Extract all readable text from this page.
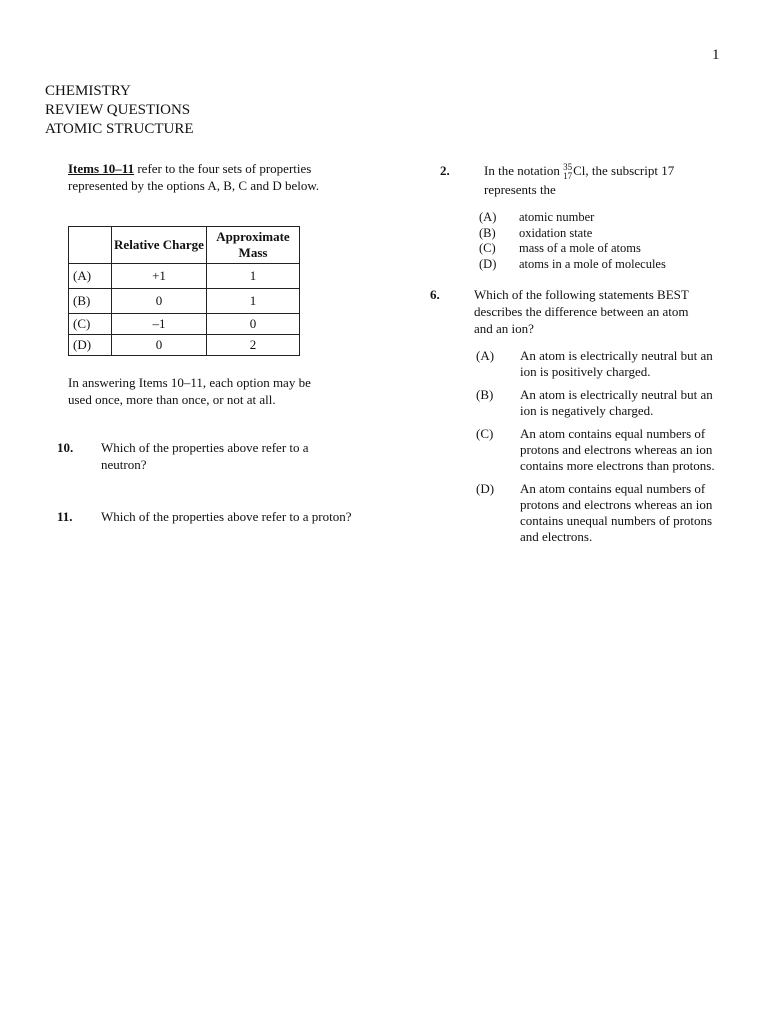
1
CHEMISTRY
REVIEW QUESTIONS
ATOMIC STRUCTURE
Items 10–11 refer to the four sets of properties represented by the options A, B, C and D below.
	Relative Charge	Approximate Mass
(A)	+1	1
(B)	0	1
(C)	–1	0
(D)	0	2
In answering Items 10–11, each option may be used once, more than once, or not at all.
10. Which of the properties above refer to a neutron?
11. Which of the properties above refer to a proton?
2.	In the notation 35
17 Cl, the subscript 17 represents the
(A)	atomic number
(B)	oxidation state
(C)	mass of a mole of atoms
(D)	atoms in a mole of molecules
6.	Which of the following statements BEST describes the difference between an atom and an ion?
(A) An atom is electrically neutral but an ion is positively charged.
(B) An atom is electrically neutral but an ion is negatively charged.
(C) An atom contains equal numbers of protons and electrons whereas an ion contains more electrons than protons.
(D) An atom contains equal numbers of protons and electrons whereas an ion contains unequal numbers of protons and electrons.
